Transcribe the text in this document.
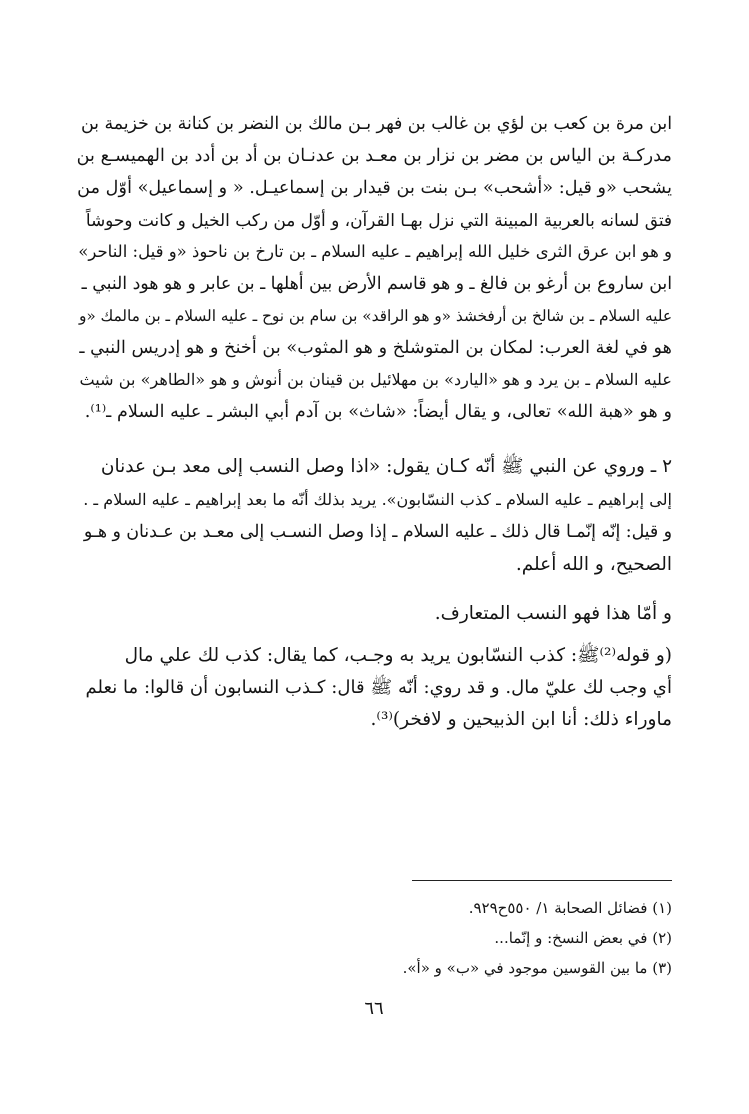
ابن مرة بن كعب بن لؤي بن غالب بن فهر بـن مالك بن النضر بن كنانة بن خزيمة بن
مدركـة بن الياس بن مضر بن نزار بن معـد بن عدنـان بن أد بن أدد بن الهميسـع بن
يشحب «و قيل: «أشحب» بـن بنت بن قيدار بن إسماعيـل. « و إسماعيل» أوّل من
فتق لسانه بالعربية المبينة التي نزل بهـا القرآن، و أوّل من ركب الخيل و كانت وحوشاً
و هو ابن عرق الثرى خليل الله إبراهيم ـ عليه السلام ـ بن تارخ بن ناحوذ «و قيل: الناحر»
ابن ساروع بن أرغو بن فالغ ـ و هو قاسم الأرض بين أهلها ـ بن عابر و هو هود النبي ـ
عليه السلام ـ بن شالخ بن أرفخشذ «و هو الراقد» بن سام بن نوح ـ عليه السلام ـ بن مالمك «و
هو في لغة العرب: لمكان بن المتوشلخ و هو المثوب» بن أخنخ و هو إدريس النبي ـ
عليه السلام ـ بن يرد و هو «اليارد» بن مهلائيل بن قينان بن أنوش و هو «الطاهر» بن شيث
و هو «هبة الله» تعالى، و يقال أيضاً: «شاث» بن آدم أبي البشر ـ عليه السلام ـ⁽¹⁾.
٢ ـ وروي عن النبي ﷺ أنّه كـان يقول: «اذا وصل النسب إلى معد بـن عدنان
إلى إبراهيم ـ عليه السلام ـ كذب النسّابون». يريد بذلك أنّه ما بعد إبراهيم ـ عليه السلام ـ .
و قيل: إنّه إنّمـا قال ذلك ـ عليه السلام ـ إذا وصل النسـب إلى معـد بن عـدنان و هـو
الصحيح، و الله أعلم.
و أمّا هذا فهو النسب المتعارف.
(و قوله⁽²⁾ﷺ: كذب النسّابون يريد به وجـب، كما يقال: كذب لك علي مال
أي وجب لك عليّ مال. و قد روي: أنّه ﷺ قال: كـذب النسابون أن قالوا: ما نعلم
ماوراء ذلك: أنا ابن الذبيحين و لافخر)⁽³⁾.
(١) فضائل الصحابة ١/ ٥٥٠ح٩٢٩.
(٢) في بعض النسخ: و إنّما...
(٣) ما بين القوسين موجود في «ب» و «أ».
٦٦
